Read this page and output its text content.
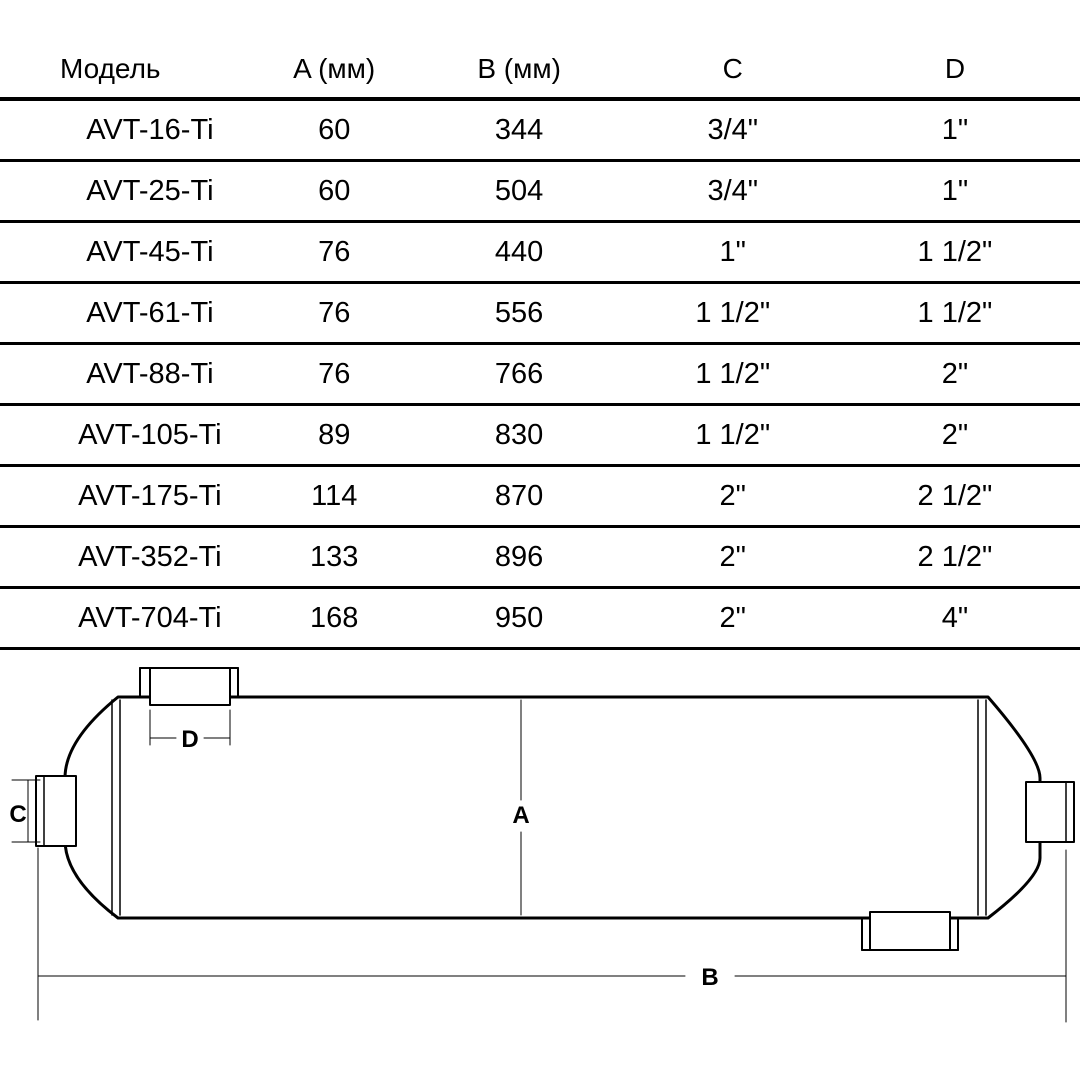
Модель	A (мм)	B (мм)	C	D
AVT-16-Ti	60	344	3/4"	1"
AVT-25-Ti	60	504	3/4"	1"
AVT-45-Ti	76	440	1"	1 1/2"
AVT-61-Ti	76	556	1 1/2"	1 1/2"
AVT-88-Ti	76	766	1 1/2"	2"
AVT-105-Ti	89	830	1 1/2"	2"
AVT-175-Ti	114	870	2"	2 1/2"
AVT-352-Ti	133	896	2"	2 1/2"
AVT-704-Ti	168	950	2"	4"
A
D
C
B
